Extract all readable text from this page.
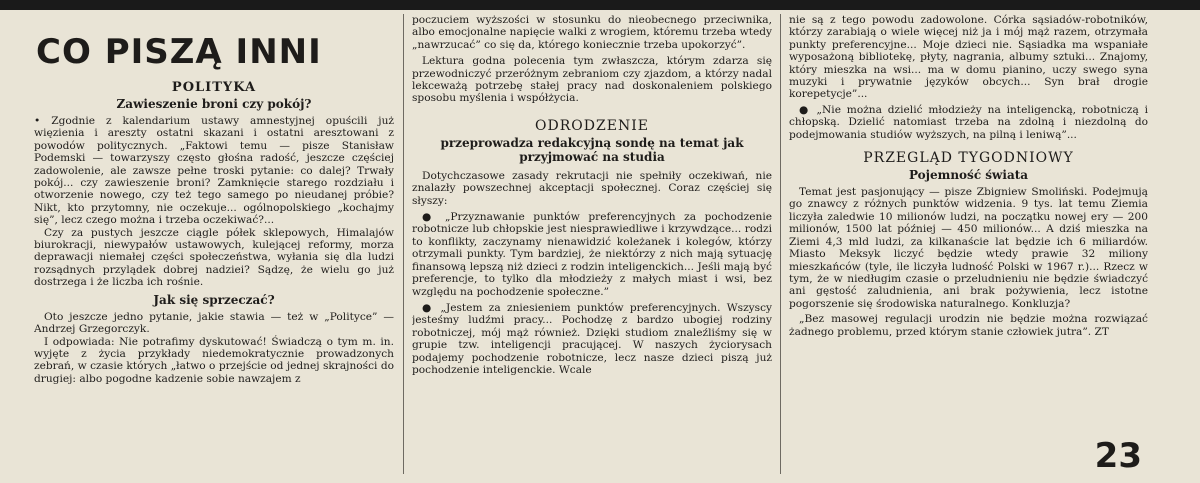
CO PISZĄ INNI
POLITYKA
Zawieszenie broni czy pokój?

• Zgodnie z kalendarium ustawy amnestyjnej opuścili już więzienia i areszty ostatni skazani i ostatni aresztowani z powodów politycznych. „Faktowi temu — pisze Stanisław Podemski — towarzyszy często głośna radość, jeszcze częściej zadowolenie, ale zawsze pełne troski pytanie: co dalej? Trwały pokój... czy zawieszenie broni? Zamknięcie starego rozdziału i otworzenie nowego, czy też tego samego po nieudanej próbie? Nikt, kto przytomny, nie oczekuje... ogólnopolskiego „kochajmy się”, lecz czego można i trzeba oczekiwać?...

Czy za pustych jeszcze ciągle półek sklepowych, Himalajów biurokracji, niewypałów ustawowych, kulejącej reformy, morza deprawacji niemałej części społeczeństwa, wyłania się dla ludzi rozsądnych przylądek dobrej nadziei? Sądzę, że wielu go już dostrzega i że liczba ich rośnie.

Jak się sprzeczać?

Oto jeszcze jedno pytanie, jakie stawia — też w „Polityce” — Andrzej Grzegorczyk.

I odpowiada: Nie potrafimy dyskutować! Świadczą o tym m. in. wyjęte z życia przykłady niedemokratycznie prowadzonych zebrań, w czasie których „łatwo o przejście od jednej skrajności do drugiej: albo pogodne kadzenie sobie nawzajem z

poczuciem wyższości w stosunku do nieobecnego przeciwnika, albo emocjonalne napięcie walki z wrogiem, któremu trzeba wtedy „nawrzucać” co się da, którego koniecznie trzeba upokorzyć”.

Lektura godna polecenia tym zwłaszcza, którym zdarza się przewodniczyć przeróżnym zebraniom czy zjazdom, a którzy nadal lekceważą potrzebę stałej pracy nad doskonaleniem polskiego sposobu myślenia i współżycia.

ODRODZENIE
przeprowadza redakcyjną sondę na temat jak przyjmować na studia

Dotychczasowe zasady rekrutacji nie spełniły oczekiwań, nie znalazły powszechnej akceptacji społecznej. Coraz częściej się słyszy:

● „Przyznawanie punktów preferencyjnych za pochodzenie robotnicze lub chłopskie jest niesprawiedliwe i krzywdzące... rodzi to konflikty, zaczynamy nienawidzić koleżanek i kolegów, którzy otrzymali punkty. Tym bardziej, że niektórzy z nich mają sytuację finansową lepszą niż dzieci z rodzin inteligenckich... Jeśli mają być preferencje, to tylko dla młodzieży z małych miast i wsi, bez względu na pochodzenie społeczne.”

● „Jestem za zniesieniem punktów preferencyjnych. Wszyscy jesteśmy ludźmi pracy... Pochodzę z bardzo ubogiej rodziny robotniczej, mój mąż również. Dzięki studiom znaleźliśmy się w grupie tzw. inteligencji pracującej. W naszych życiorysach podajemy pochodzenie robotnicze, lecz nasze dzieci piszą już pochodzenie inteligenckie. Wcale

nie są z tego powodu zadowolone. Córka sąsiadów-robotników, którzy zarabiają o wiele więcej niż ja i mój mąż razem, otrzymała punkty preferencyjne... Moje dzieci nie. Sąsiadka ma wspaniałe wyposażoną bibliotekę, płyty, nagrania, albumy sztuki... Znajomy, który mieszka na wsi... ma w domu pianino, uczy swego syna muzyki i prywatnie języków obcych... Syn brał drogie korepetycje”...

● „Nie można dzielić młodzieży na inteligencką, robotniczą i chłopską. Dzielić natomiast trzeba na zdolną i niezdolną do podejmowania studiów wyższych, na pilną i leniwą”...

PRZEGLĄD TYGODNIOWY
Pojemność świata

Temat jest pasjonujący — pisze Zbigniew Smoliński. Podejmują go znawcy z różnych punktów widzenia. 9 tys. lat temu Ziemia liczyła zaledwie 10 milionów ludzi, na początku nowej ery — 200 milionów, 1500 lat później — 450 milionów... A dziś mieszka na Ziemi 4,3 mld ludzi, za kilkanaście lat będzie ich 6 miliardów. Miasto Meksyk liczyć będzie wtedy prawie 32 miliony mieszkańców (tyle, ile liczyła ludność Polski w 1967 r.)... Rzecz w tym, że w niedługim czasie o przeludnieniu nie będzie świadczyć ani gęstość zaludnienia, ani brak pożywienia, lecz istotne pogorszenie się środowiska naturalnego. Konkluzja?

„Bez masowej regulacji urodzin nie będzie można rozwiązać żadnego problemu, przed którym stanie człowiek jutra”. ZT

23
